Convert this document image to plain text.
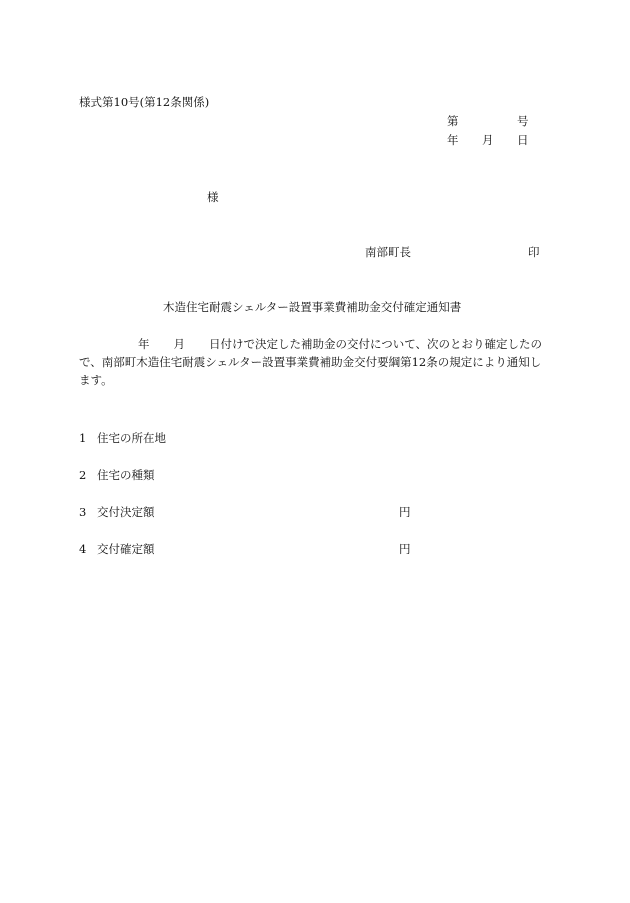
様式第10号(第12条関係)
第	号
年 月 日
様
南部町長	印
木造住宅耐震シェルター設置事業費補助金交付確定通知書
年 月 日付けで決定した補助金の交付について、次のとおり確定したの
で、南部町木造住宅耐震シェルター設置事業費補助金交付要綱第12条の規定により通知し
ます。
1 住宅の所在地
2 住宅の種類
3 交付決定額	円
4 交付確定額	円
